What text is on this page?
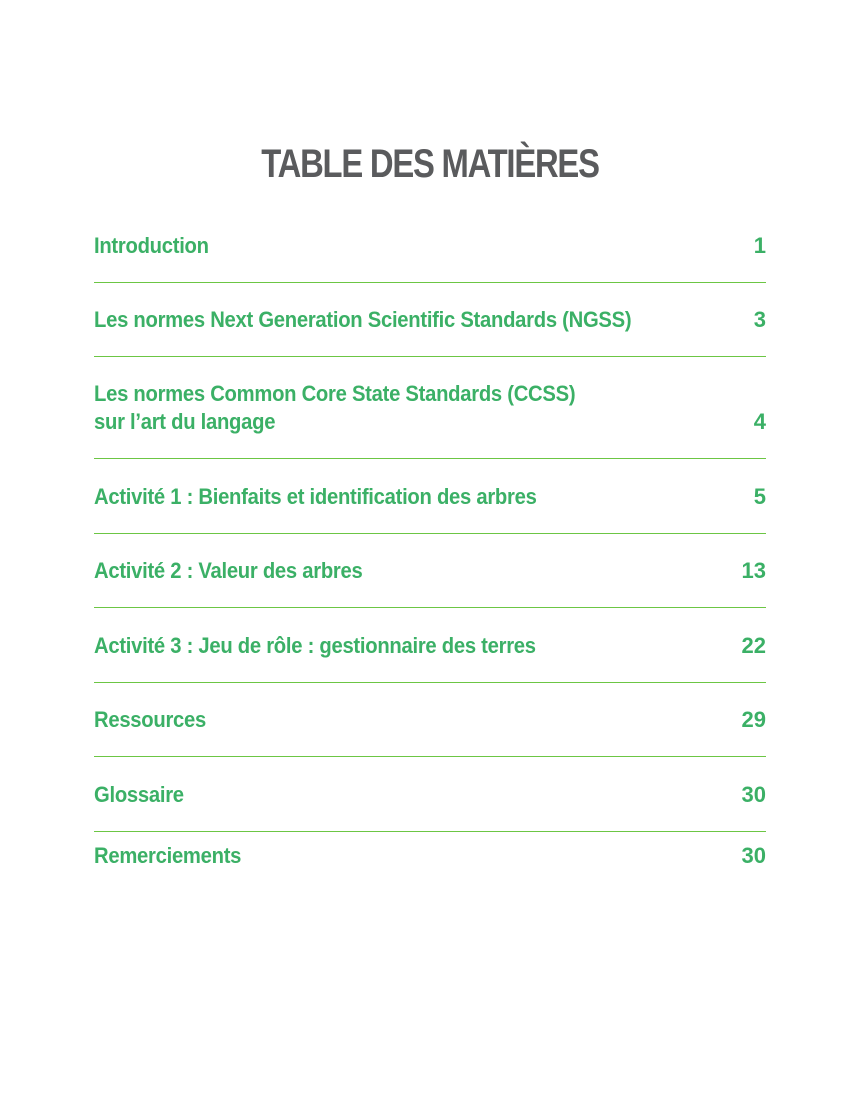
TABLE DES MATIÈRES
Introduction	1
Les normes Next Generation Scientific Standards (NGSS)	3
Les normes Common Core State Standards (CCSS)
sur l’art du langage	4
Activité 1 : Bienfaits et identification des arbres	5
Activité 2 : Valeur des arbres	13
Activité 3 : Jeu de rôle : gestionnaire des terres	22
Ressources	29
Glossaire	30
Remerciements	30
